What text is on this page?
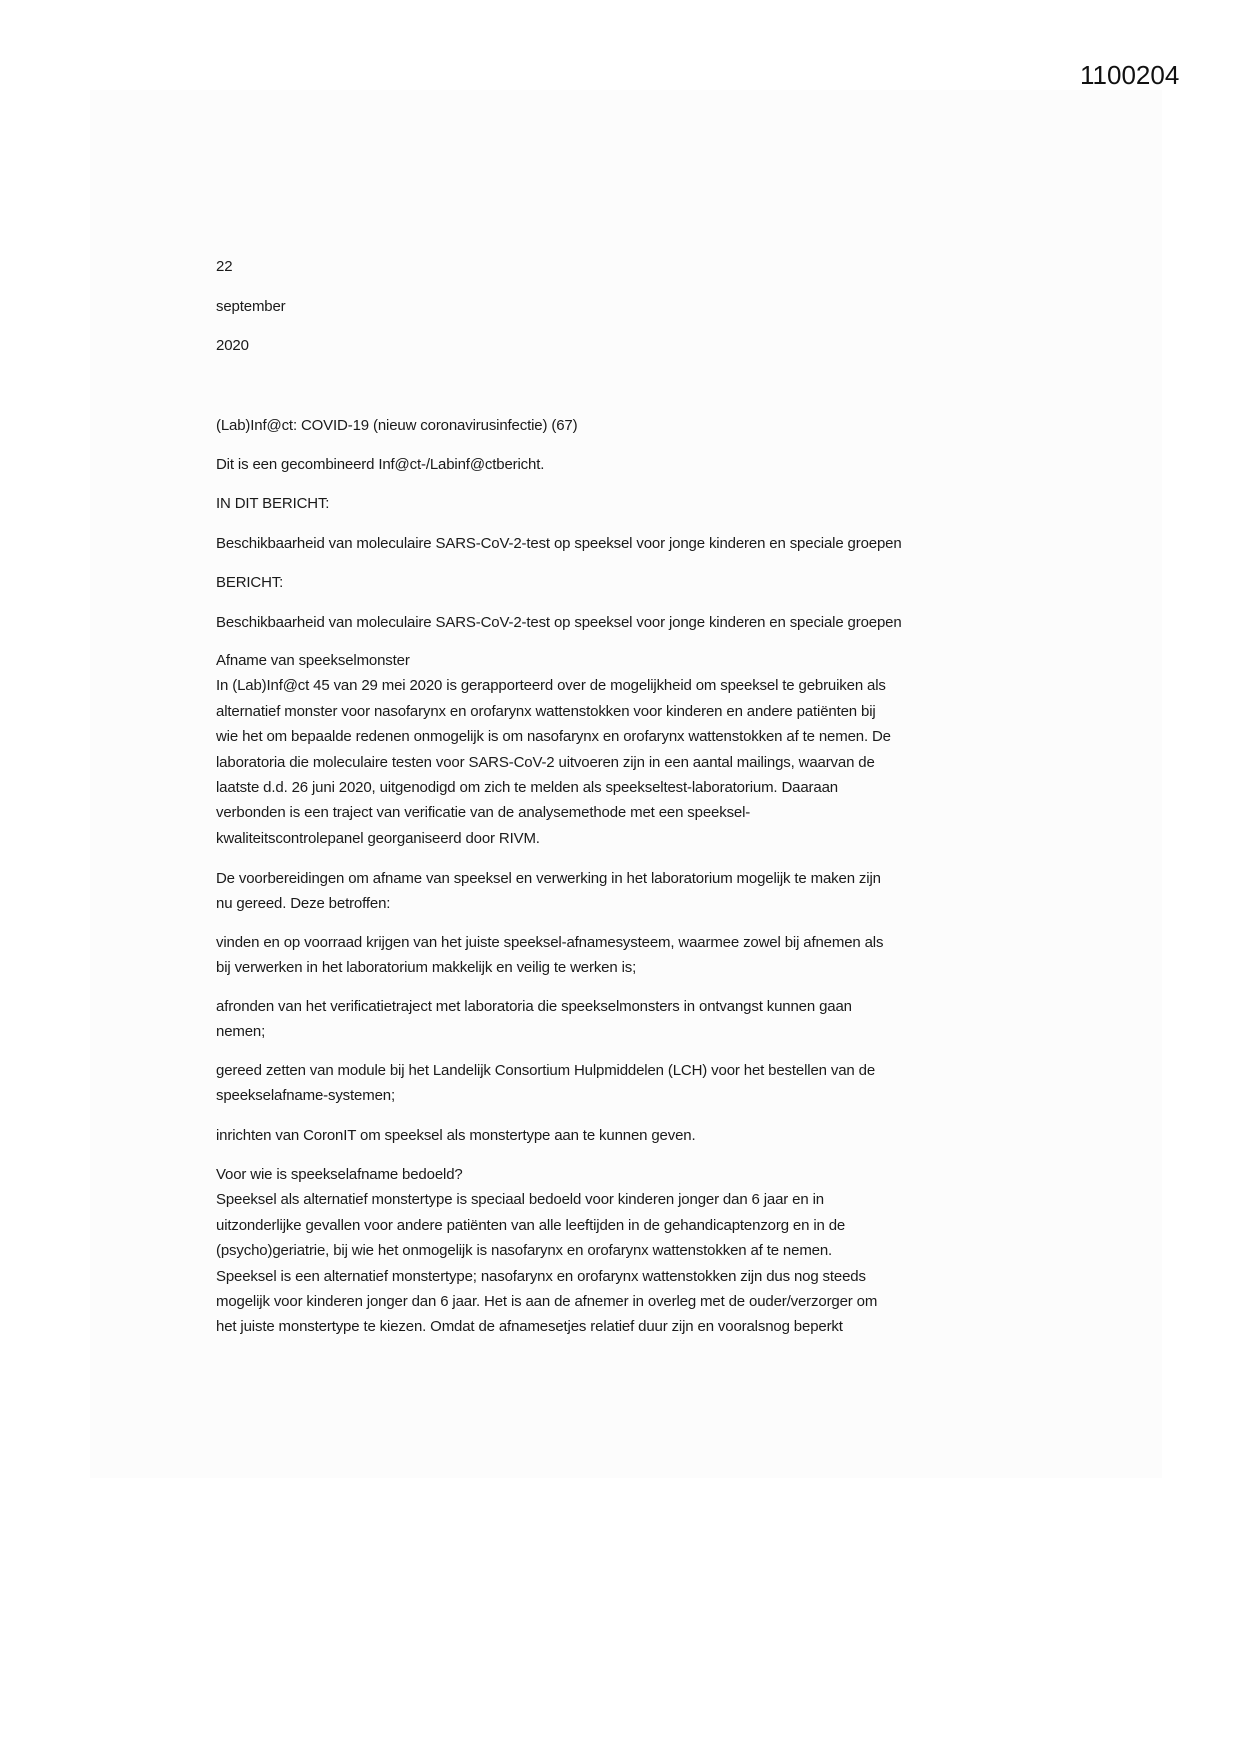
1100204
22
september
2020
(Lab)Inf@ct: COVID-19 (nieuw coronavirusinfectie) (67)
Dit is een gecombineerd Inf@ct-/Labinf@ctbericht.
IN DIT BERICHT:
Beschikbaarheid van moleculaire SARS-CoV-2-test op speeksel voor jonge kinderen en speciale groepen
BERICHT:
Beschikbaarheid van moleculaire SARS-CoV-2-test op speeksel voor jonge kinderen en speciale groepen
Afname van speekselmonster
In (Lab)Inf@ct 45 van 29 mei 2020 is gerapporteerd over de mogelijkheid om speeksel te gebruiken als
alternatief monster voor nasofarynx en orofarynx wattenstokken voor kinderen en andere patiënten bij
wie het om bepaalde redenen onmogelijk is om nasofarynx en orofarynx wattenstokken af te nemen. De
laboratoria die moleculaire testen voor SARS-CoV-2 uitvoeren zijn in een aantal mailings, waarvan de
laatste d.d. 26 juni 2020, uitgenodigd om zich te melden als speekseltest-laboratorium. Daaraan
verbonden is een traject van verificatie van de analysemethode met een speeksel-
kwaliteitscontrolepanel georganiseerd door RIVM.
De voorbereidingen om afname van speeksel en verwerking in het laboratorium mogelijk te maken zijn
nu gereed. Deze betroffen:
vinden en op voorraad krijgen van het juiste speeksel-afnamesysteem, waarmee zowel bij afnemen als
bij verwerken in het laboratorium makkelijk en veilig te werken is;
afronden van het verificatietraject met laboratoria die speekselmonsters in ontvangst kunnen gaan
nemen;
gereed zetten van module bij het Landelijk Consortium Hulpmiddelen (LCH) voor het bestellen van de
speekselafname-systemen;
inrichten van CoronIT om speeksel als monstertype aan te kunnen geven.
Voor wie is speekselafname bedoeld?
Speeksel als alternatief monstertype is speciaal bedoeld voor kinderen jonger dan 6 jaar en in
uitzonderlijke gevallen voor andere patiënten van alle leeftijden in de gehandicaptenzorg en in de
(psycho)geriatrie, bij wie het onmogelijk is nasofarynx en orofarynx wattenstokken af te nemen.
Speeksel is een alternatief monstertype; nasofarynx en orofarynx wattenstokken zijn dus nog steeds
mogelijk voor kinderen jonger dan 6 jaar. Het is aan de afnemer in overleg met de ouder/verzorger om
het juiste monstertype te kiezen. Omdat de afnamesetjes relatief duur zijn en vooralsnog beperkt
